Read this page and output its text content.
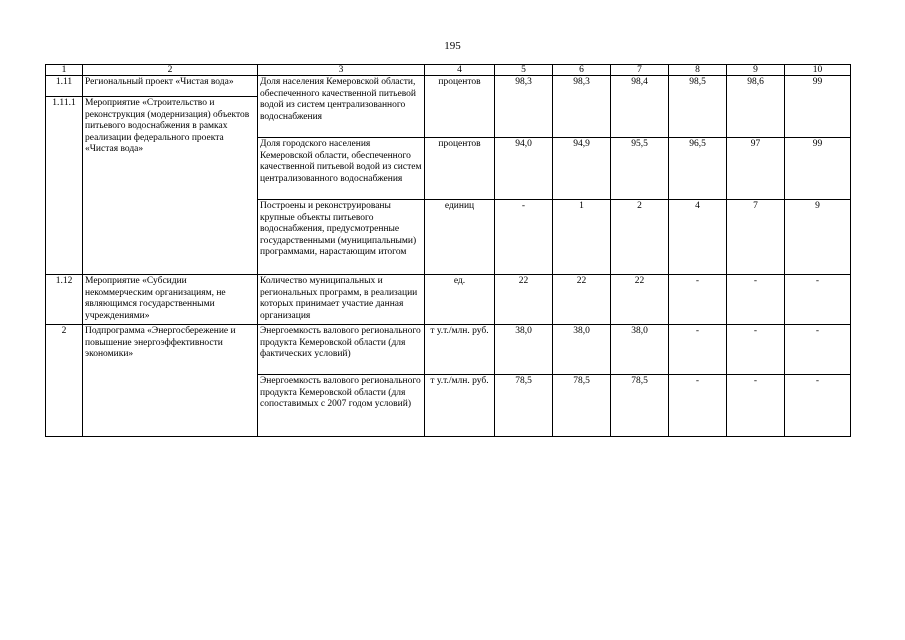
195
1	2	3	4	5	6	7	8	9	10
1.11	Региональный проект «Чистая вода»	Доля населения Кемеровской области, обеспеченного качественной питьевой водой из систем централизованного водоснабжения	процентов	98,3	98,3	98,4	98,5	98,6	99
1.11.1	Мероприятие «Строительство и реконструкция (модернизация) объектов питьевого водоснабжения в рамках реализации федерального проекта «Чистая вода»								
		Доля городского населения Кемеровской области, обеспеченного качественной питьевой водой из систем централизованного водоснабжения	процентов	94,0	94,9	95,5	96,5	97	99
		Построены и реконструированы крупные объекты питьевого водоснабжения, предусмотренные государственными (муниципальными) программами, нарастающим итогом	единиц	-	1	2	4	7	9
1.12	Мероприятие «Субсидии некоммерческим организациям, не являющимся государственными учреждениями»	Количество муниципальных и региональных программ, в реализации которых принимает участие данная организация	ед.	22	22	22	-	-	-
2	Подпрограмма «Энергосбережение и повышение энергоэффективности экономики»	Энергоемкость валового регионального продукта Кемеровской области (для фактических условий)	т у.т./млн. руб.	38,0	38,0	38,0	-	-	-
		Энергоемкость валового регионального продукта Кемеровской области (для сопоставимых с 2007 годом условий)	т у.т./млн. руб.	78,5	78,5	78,5	-	-	-
